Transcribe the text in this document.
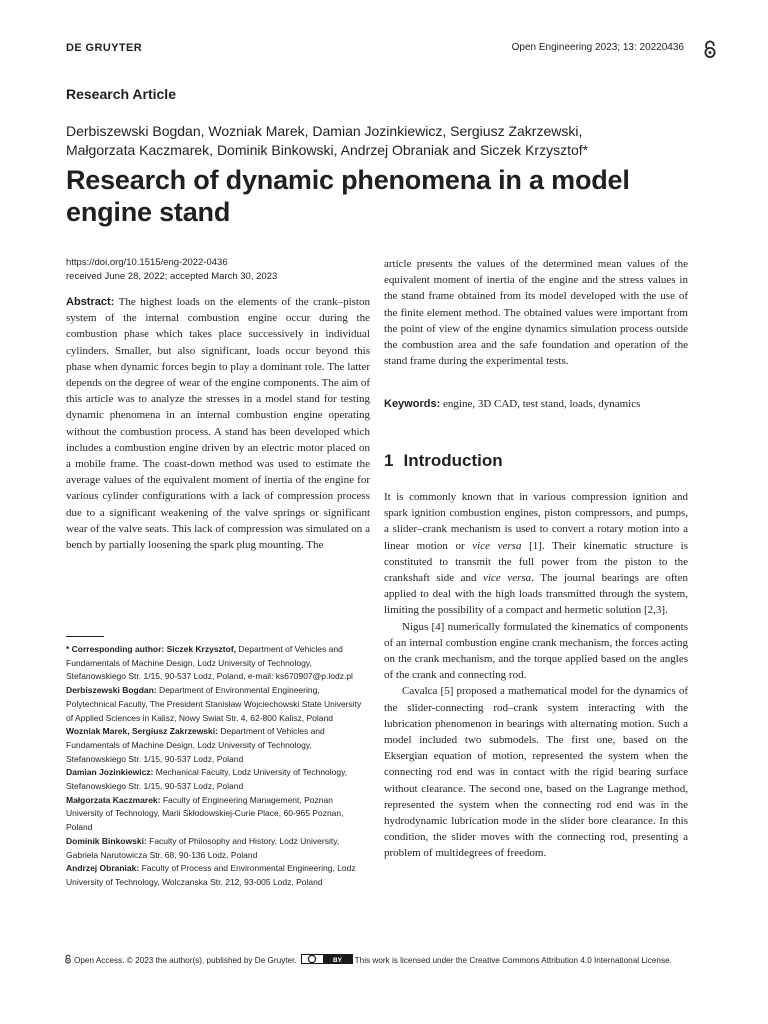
DE GRUYTER	Open Engineering 2023; 13: 20220436
Research Article
Derbiszewski Bogdan, Wozniak Marek, Damian Jozinkiewicz, Sergiusz Zakrzewski,
Małgorzata Kaczmarek, Dominik Binkowski, Andrzej Obraniak and Siczek Krzysztof*
Research of dynamic phenomena in a model
engine stand
https://doi.org/10.1515/eng-2022-0436
received June 28, 2022; accepted March 30, 2023

Abstract: The highest loads on the elements of the crank–piston system of the internal combustion engine occur during the combustion phase which takes place successively in individual cylinders. Smaller, but also significant, loads occur beyond this phase when dynamic forces begin to play a dominant role. The latter depends on the degree of wear of the engine components. The aim of this article was to analyze the stresses in a model stand for testing dynamic phenomena in an internal combustion engine operating without the combustion process. A stand has been developed which includes a combustion engine driven by an electric motor placed on a mobile frame. The coast-down method was used to estimate the average values of the equivalent moment of inertia of the engine for various cylinder configurations with a lack of compression process due to a significant weakening of the valve springs or significant wear of the valve seats. This lack of compression was simulated on a bench by partially loosening the spark plug mounting. The

article presents the values of the determined mean values of the equivalent moment of inertia of the engine and the stress values in the stand frame obtained from its model developed with the use of the finite element method. The obtained values were important from the point of view of the engine dynamics simulation process outside the combustion area and the safe foundation and operation of the stand frame during the experimental tests.

Keywords: engine, 3D CAD, test stand, loads, dynamics
1 Introduction

It is commonly known that in various compression ignition and spark ignition combustion engines, piston compressors, and pumps, a slider–crank mechanism is used to convert a rotary motion into a linear motion or vice versa [1]. Their kinematic structure is constituted to transmit the full power from the piston to the crankshaft side and vice versa. The journal bearings are often applied to deal with the high loads transmitted through the system, limiting the possibility of a compact and hermetic solution [2,3].

Nigus [4] numerically formulated the kinematics of components of an internal combustion engine crank mechanism, the forces acting on the crank mechanism, and the torque applied based on the angles of the crank and connecting rod.

Cavalca [5] proposed a mathematical model for the dynamics of the slider-connecting rod–crank system interacting with the lubrication phenomenon in bearings with alternating motion. Such a model included two submodels. The first one, based on the Eksergian equation of motion, represented the system when the connecting rod end was in contact with the rigid bearing surface without clearance. The second one, based on the Lagrange method, represented the system when the connecting rod end was in the hydrodynamic lubrication mode in the slider bore clearance. In this condition, the slider moves with the connecting rod, presenting a problem of multidegrees of freedom.

* Corresponding author: Siczek Krzysztof, Department of Vehicles and Fundamentals of Machine Design, Lodz University of Technology, Stefanowskiego Str. 1/15, 90-537 Lodz, Poland, e-mail: ks670907@p.lodz.pl

Derbiszewski Bogdan: Department of Environmental Engineering, Polytechnical Faculty, The President Stanisław Wojciechowski State University of Applied Sciences in Kalisz, Nowy Swiat Str. 4, 62-800 Kalisz, Poland

Wozniak Marek, Sergiusz Zakrzewski: Department of Vehicles and Fundamentals of Machine Design, Lodz University of Technology, Stefanowskiego Str. 1/15, 90-537 Lodz, Poland

Damian Jozinkiewicz: Mechanical Faculty, Lodz University of Technology, Stefanowskiego Str. 1/15, 90-537 Lodz, Poland

Małgorzata Kaczmarek: Faculty of Engineering Management, Poznan University of Technology, Marii Skłodowskiej-Curie Place, 60-965 Poznan, Poland

Dominik Binkowski: Faculty of Philosophy and History, Lodz University, Gabriela Narutowicza Str. 68, 90-136 Lodz, Poland

Andrzej Obraniak: Faculty of Process and Environmental Engineering, Lodz University of Technology, Wolczanska Str. 212, 93-005 Lodz, Poland

Open Access. © 2023 the author(s), published by De Gruyter.	BY This work is licensed under the Creative Commons Attribution 4.0 International License.
